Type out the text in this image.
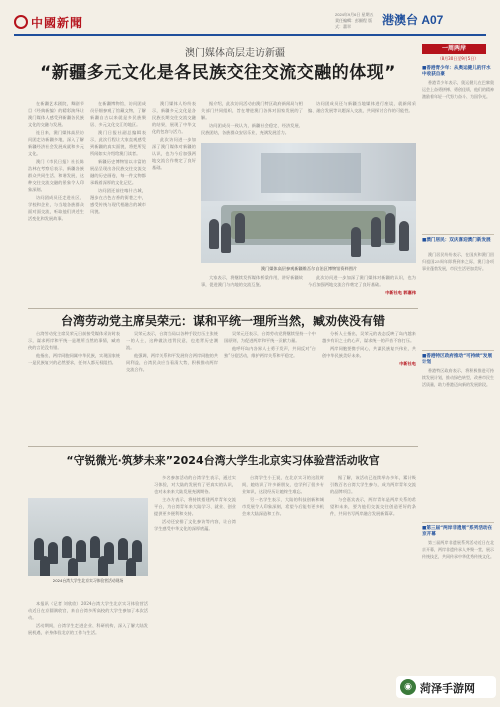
中國新聞
2024年9月6日 星期五
責任編輯：彭顯程 版式：蕭翠	港澳台 A07
澳门媒体高层走访新疆
“新疆多元文化是各民族交往交流交融的体现”

在新疆艺术剧院，舞剧节目《经典新编》的精彩演绎让澳门媒体人感受到新疆各民族文化的交融与发展。

连日来，澳门媒体高层访问团走访新疆多地，深入了解新疆经济社会发展成就和多元文化。

澳门《市民日报》社长陈浩林在考察后表示，新疆各族群众共同生活、和谐发展，这种交往交流交融的景象令人印象深刻。

访问团成员还走进社区、学校和企业，与当地各族群众面对面交流，听取他们讲述生活变化和发展故事。

在新疆博物馆，访问团成员仔细参观了馆藏文物，了解新疆自古以来就是多民族聚居、多元文化交汇的地区。

澳门日报社副总编辑表示，此次行程让大家直观感受到新疆的真实面貌，将把所见所闻如实介绍给澳门读者。

新疆历史博物馆以丰富的展品呈现出各民族交往交流交融的历史画卷，每一件文物都承载着深厚的文化记忆。

访问团还前往喀什古城，漫步在古色古香的街巷之中，感受传统与现代相融合的城市风貌。

澳门媒体人纷纷表示，新疆多元文化是各民族长期交往交流交融的结果，展现了中华文化的包容与活力。

此次访问进一步加深了澳门媒体对新疆的认识，也为今后加强两地交流合作奠定了良好基础。

据介绍，此次访问活动由澳门特区政府新闻局与相关部门共同组织，旨在增进澳门各界对国家发展的了解。

访问团成员一致认为，新疆社会稳定、经济发展、民族团结，各族群众安居乐业，充满发展活力。

访问团成员还与新疆当地媒体进行座谈，就新闻采编、融合发展等议题深入交流，共同探讨合作的可能性。

澳门媒体高层参观新疆维吾尔自治区博物馆资料图片

大家表示，将继续发挥媒体桥梁作用，讲好新疆故事，促进澳门与内地的交流互鉴。

此次访问进一步加深了澳门媒体对新疆的认识，也为今后加强两地交流合作奠定了良好基础。

中新社电 郭嘉伟

台湾劳动党主席吴荣元：谋和平统一理所当然，臧劝侠没有错

台湾劳动党主席吴荣元日前接受媒体采访时表示，谋求两岸和平统一是理所当然的事情，臧劝侠的言论没有错。

他指出，两岸同胞同属中华民族，实现国家统一是民族复兴的必然要求，任何人都无权阻挡。

吴荣元表示，台湾当局以各种手段打压主张统一的人士，这种做法违背民意，也违背历史潮流。

他强调，两岸关系和平发展符合两岸同胞的共同利益，台湾民众应当看清大势，积极推动两岸交流合作。

吴荣元还表示，台湾劳动党将继续坚持一个中国原则，为促进两岸和平统一贡献力量。

他呼吁岛内各界人士勇于发声，共同反对“台独”分裂活动，维护两岸关系和平稳定。

分析人士指出，吴荣元的表态反映了岛内越来越多有识之士的心声，谋求统一的声音不容打压。

两岸同胞要携手同心，共谋民族复兴伟业，共创中华民族美好未来。

中新社电

“守锐微光·筑梦未来”2024台湾大学生北京实习体验营活动收官
2024台湾大学生北京实习体验营活动现场

本报讯（记者 刘欣欣）2024台湾大学生北京实习体验营活动近日在京圆满收官，来自台湾多所高校的大学生参加了本次活动。

活动期间，台湾学生走进企业、科研机构，深入了解大陆发展机遇，亲身体验北京的工作与生活。

多名参加活动的台湾学生表示，通过实习体验，对大陆的发展有了更真实的认识，也对未来来大陆发展充满期待。

主办方表示，将持续搭建两岸青年交流平台，为台湾青年来大陆学习、就业、创业提供更多便利和支持。

活动还安排了文化参访等内容，让台湾学生感受中华文化的深厚底蕴。

台湾学生小王说，在北京实习的这段时间，她结识了许多新朋友，也学到了很多专业知识，这段经历让她终生难忘。

另一名学生表示，大陆的科技创新和城市发展令人印象深刻，希望今后能有更多机会来大陆深造和工作。

据了解，该活动已连续举办多年，累计吸引数百名台湾大学生参与，成为两岸青年交流的品牌项目。

与会嘉宾表示，两岸青年是两岸关系的希望和未来，要为他们交流交往创造更好的条件，共同书写两岸融合发展新篇章。

一周两岸
（8月30日至9月5日）
■香港青少年：从奥运健儿的汗水中收获自豪

香港青少年表示，奥运健儿在巴黎奥运会上奋勇拼搏、勇创佳绩，他们的精神激励着年轻一代努力奋斗、为国争光。

■澳门居民：双庆喜迎澳门新发展

澳门居民纷纷表示，在国庆和澳门回归祖国25周年即将到来之际，澳门各项事业蓬勃发展，市民生活更加美好。

■香港特区政府推动“可持续”发展计划

香港特区政府表示，将积极推进可持续发展计划，推动绿色转型，改善市民生活质量，助力香港迈向新的发展阶段。

■第三届“两岸非遗展”系列活动在京开幕

第三届两岸非遗展系列活动近日在北京开幕，两岸非遗传承人齐聚一堂，展示传统技艺，共同传承中华优秀传统文化。

◉ 菏泽手游网
